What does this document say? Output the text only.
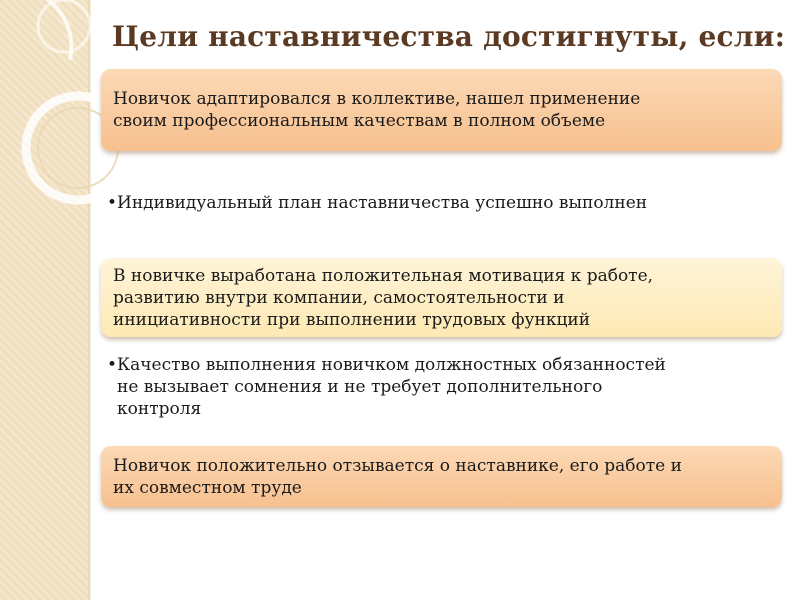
Цели наставничества достигнуты, если:
Новичок адаптировался в коллективе, нашел применение
своим профессиональным качествам в полном объеме
• Индивидуальный план наставничества успешно выполнен
В новичке выработана положительная мотивация к работе,
развитию внутри компании, самостоятельности и
инициативности при выполнении трудовых функций
• Качество выполнения новичком должностных обязанностей
не вызывает сомнения и не требует дополнительного
контроля
Новичок положительно отзывается о наставнике, его работе и
их совместном труде
